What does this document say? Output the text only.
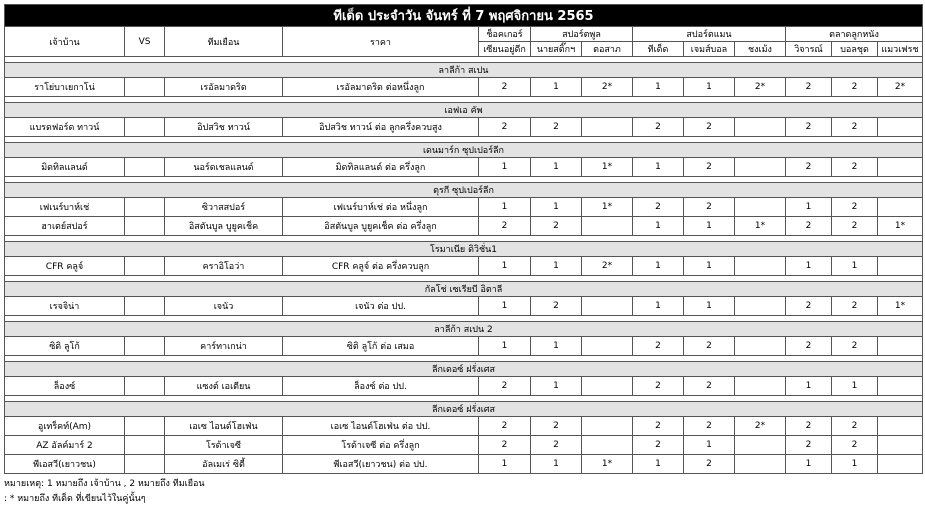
ทีเด็ด ประจำวัน จันทร์ ที่ 7 พฤศจิกายน 2565												
เจ้าบ้าน	VS	ทีมเยือน	ราคา	ช็อคเกอร์	สปอร์ตพูล		สปอร์ตแมน			ตลาดลูกหนัง		
				เซียนอยู่ดีก	นายสติ๊กฯ	ตอสาภ	ทีเด็ด	เจมส์บอล	ชงเม้ง	วิจารณ์	บอลชุด	แมวเฟรช

ลาลีก้า สเปน												
ราโย่บาเยกาโน่		เรอัลมาดริด	เรอัลมาดริด ต่อหนึ่งลูก	2	1	2*	1	1	2*	2	2	2*

เอฟเอ คัพ												
แบรดฟอร์ด ทาวน์		อิปสวิช ทาวน์	อิปสวิช ทาวน์ ต่อ ลูกครึ่งควบสูง	2	2		2	2		2	2	

เดนมาร์ก ซุปเปอร์ลีก												
มิดทิลแลนด์		นอร์ดเชลแลนด์	มิดทิลแลนด์ ต่อ ครึ่งลูก	1	1	1*	1	2		2	2	

ตุรกี ซุปเปอร์ลีก												
เฟเนร์บาห์เช่		ซิวาสสปอร์	เฟเนร์บาห์เช่ ต่อ หนึ่งลูก	1	1	1*	2	2		1	2	
ฮาเตย์สปอร์		อิสตันบูล บูยูคเช็ค	อิสตันบูล บูยูคเช็ค ต่อ ครึ่งลูก	2	2		1	1	1*	2	2	1*

โรมาเนีย ดิวิชั่น1												
CFR คลูจ์		คราอิโอว่า	CFR คลูจ์ ต่อ ครึ่งควบลูก	1	1	2*	1	1		1	1	

กัลโช่ เซเรียบี อิตาลี												
เรจจิน่า		เจนัว	เจนัว ต่อ ปป.	1	2		1	1		2	2	1*

ลาลีก้า สเปน 2												
ซิติ ลูโก้		คาร์ทาเกน่า	ซิติ ลูโก้ ต่อ เสมอ	1	1		2	2		2	2	

ลีกเดอซ์ ฝรั่งเศส												
ล็องซ์		แซงต์ เอเตียน	ล็องซ์ ต่อ ปป.	2	1		2	2		1	1	

ลีกเดอซ์ ฝรั่งเศส												
อูเทร็คท์(Am)		เอเซ ไอนด์โฮเฟ่น	เอเซ ไอนด์โฮเฟ่น ต่อ ปป.	2	2		2	2	2*	2	2	
AZ อัลค์มาร์ 2		โรด้าเจซี	โรด้าเจซี ต่อ ครึ่งลูก	2	2		2	1		2	2	
พีเอสวี(เยาวชน)		อัลเมเร่ ซิตี้	พีเอสวี(เยาวชน) ต่อ ปป.	1	1	1*	1	2		1	1	
หมายเหตุ: 1 หมายถึง เจ้าบ้าน , 2 หมายถึง ทีมเยือน
: * หมายถึง ทีเด็ด ที่เขียนไว้ในคู่นั้นๆ
